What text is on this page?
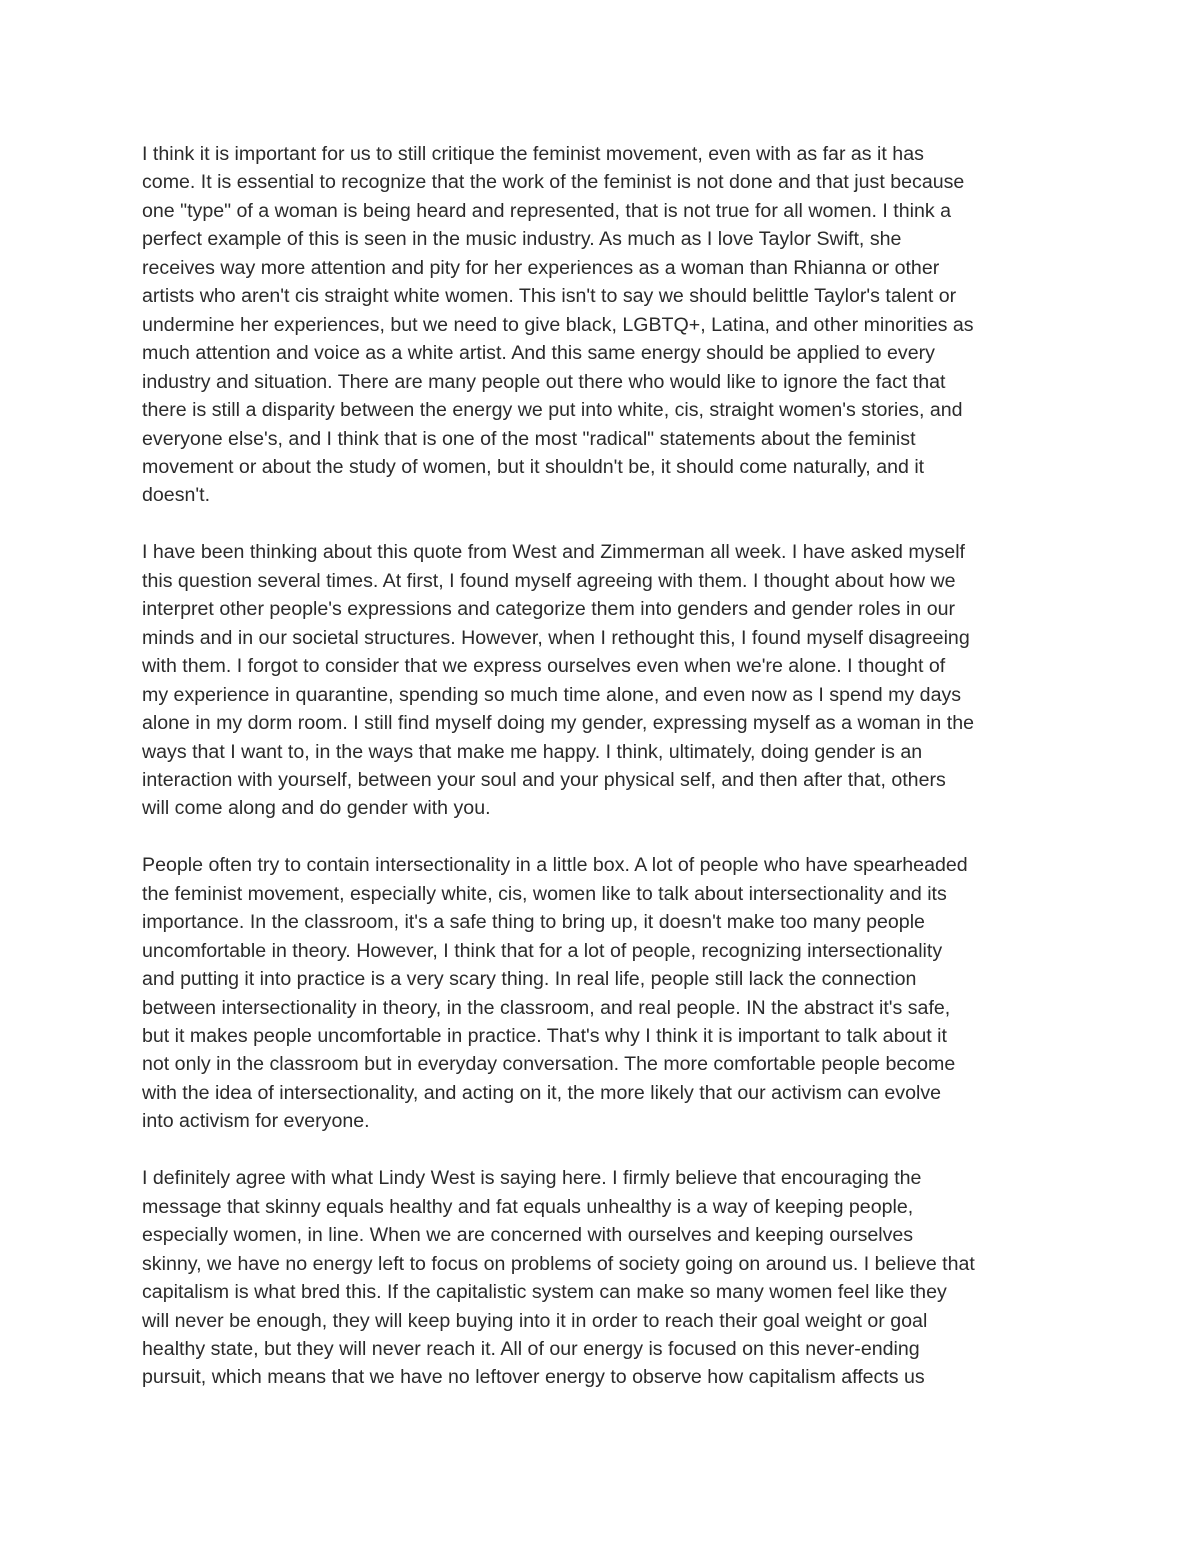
I think it is important for us to still critique the feminist movement, even with as far as it has
come. It is essential to recognize that the work of the feminist is not done and that just because
one "type" of a woman is being heard and represented, that is not true for all women. I think a
perfect example of this is seen in the music industry. As much as I love Taylor Swift, she
receives way more attention and pity for her experiences as a woman than Rhianna or other
artists who aren't cis straight white women. This isn't to say we should belittle Taylor's talent or
undermine her experiences, but we need to give black, LGBTQ+, Latina, and other minorities as
much attention and voice as a white artist. And this same energy should be applied to every
industry and situation. There are many people out there who would like to ignore the fact that
there is still a disparity between the energy we put into white, cis, straight women's stories, and
everyone else's, and I think that is one of the most "radical" statements about the feminist
movement or about the study of women, but it shouldn't be, it should come naturally, and it
doesn't.

I have been thinking about this quote from West and Zimmerman all week. I have asked myself
this question several times. At first, I found myself agreeing with them. I thought about how we
interpret other people's expressions and categorize them into genders and gender roles in our
minds and in our societal structures. However, when I rethought this, I found myself disagreeing
with them. I forgot to consider that we express ourselves even when we're alone. I thought of
my experience in quarantine, spending so much time alone, and even now as I spend my days
alone in my dorm room. I still find myself doing my gender, expressing myself as a woman in the
ways that I want to, in the ways that make me happy. I think, ultimately, doing gender is an
interaction with yourself, between your soul and your physical self, and then after that, others
will come along and do gender with you.

People often try to contain intersectionality in a little box. A lot of people who have spearheaded
the feminist movement, especially white, cis, women like to talk about intersectionality and its
importance. In the classroom, it's a safe thing to bring up, it doesn't make too many people
uncomfortable in theory. However, I think that for a lot of people, recognizing intersectionality
and putting it into practice is a very scary thing. In real life, people still lack the connection
between intersectionality in theory, in the classroom, and real people. IN the abstract it's safe,
but it makes people uncomfortable in practice. That's why I think it is important to talk about it
not only in the classroom but in everyday conversation. The more comfortable people become
with the idea of intersectionality, and acting on it, the more likely that our activism can evolve
into activism for everyone.

I definitely agree with what Lindy West is saying here. I firmly believe that encouraging the
message that skinny equals healthy and fat equals unhealthy is a way of keeping people,
especially women, in line. When we are concerned with ourselves and keeping ourselves
skinny, we have no energy left to focus on problems of society going on around us. I believe that
capitalism is what bred this. If the capitalistic system can make so many women feel like they
will never be enough, they will keep buying into it in order to reach their goal weight or goal
healthy state, but they will never reach it. All of our energy is focused on this never-ending
pursuit, which means that we have no leftover energy to observe how capitalism affects us
